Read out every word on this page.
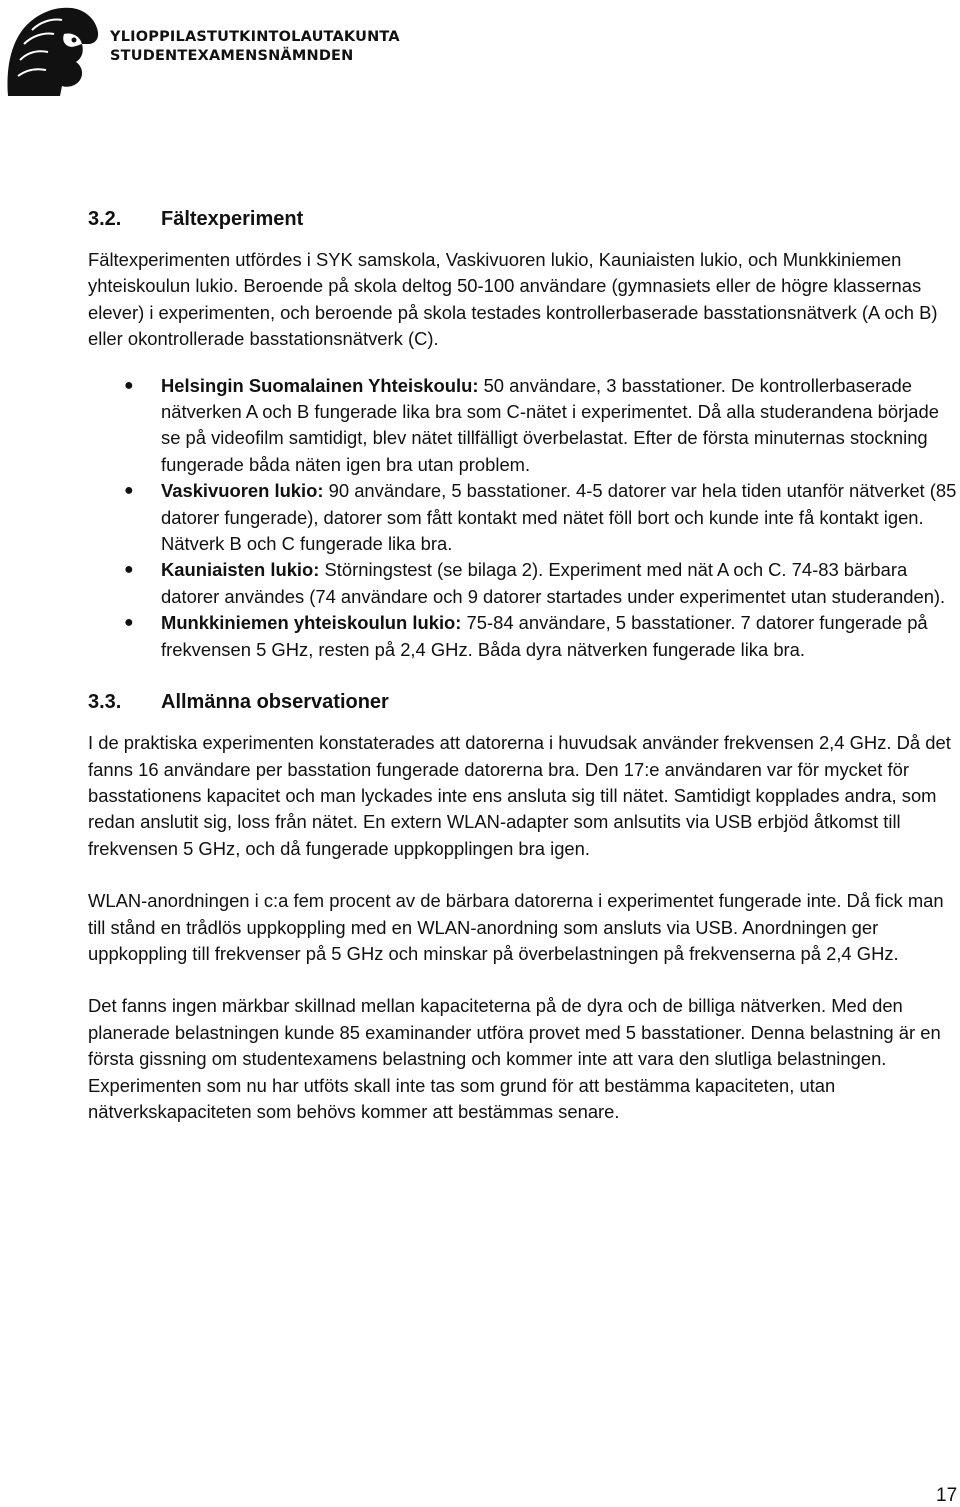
YLIOPPILASTUTKINTOLAUTAKUNTA
STUDENTEXAMENSNÄMNDEN
3.2.	Fältexperiment

Fältexperimenten utfördes i SYK samskola, Vaskivuoren lukio, Kauniaisten lukio, och Munkkiniemen yhteiskoulun lukio. Beroende på skola deltog 50-100 användare (gymnasiets eller de högre klassernas elever) i experimenten, och beroende på skola testades kontrollerbaserade basstationsnätverk (A och B) eller okontrollerade basstationsnätverk (C).

● Helsingin Suomalainen Yhteiskoulu: 50 användare, 3 basstationer. De kontrollerbaserade nätverken A och B fungerade lika bra som C-nätet i experimentet. Då alla studerandena började se på videofilm samtidigt, blev nätet tillfälligt överbelastat. Efter de första minuternas stockning fungerade båda näten igen bra utan problem.
● Vaskivuoren lukio: 90 användare, 5 basstationer. 4-5 datorer var hela tiden utanför nätverket (85 datorer fungerade), datorer som fått kontakt med nätet föll bort och kunde inte få kontakt igen. Nätverk B och C fungerade lika bra.
● Kauniaisten lukio: Störningstest (se bilaga 2). Experiment med nät A och C. 74-83 bärbara datorer användes (74 användare och 9 datorer startades under experimentet utan studeranden).
● Munkkiniemen yhteiskoulun lukio: 75-84 användare, 5 basstationer. 7 datorer fungerade på frekvensen 5 GHz, resten på 2,4 GHz. Båda dyra nätverken fungerade lika bra.
3.3.	Allmänna observationer

I de praktiska experimenten konstaterades att datorerna i huvudsak använder frekvensen 2,4 GHz. Då det fanns 16 användare per basstation fungerade datorerna bra. Den 17:e användaren var för mycket för basstationens kapacitet och man lyckades inte ens ansluta sig till nätet. Samtidigt kopplades andra, som redan anslutit sig, loss från nätet. En extern WLAN-adapter som anlsutits via USB erbjöd åtkomst till frekvensen 5 GHz, och då fungerade uppkopplingen bra igen.

WLAN-anordningen i c:a fem procent av de bärbara datorerna i experimentet fungerade inte. Då fick man till stånd en trådlös uppkoppling med en WLAN-anordning som ansluts via USB. Anordningen ger uppkoppling till frekvenser på 5 GHz och minskar på överbelastningen på frekvenserna på 2,4 GHz.

Det fanns ingen märkbar skillnad mellan kapaciteterna på de dyra och de billiga nätverken. Med den planerade belastningen kunde 85 examinander utföra provet med 5 basstationer. Denna belastning är en första gissning om studentexamens belastning och kommer inte att vara den slutliga belastningen. Experimenten som nu har utföts skall inte tas som grund för att bestämma kapaciteten, utan nätverkskapaciteten som behövs kommer att bestämmas senare.

17
